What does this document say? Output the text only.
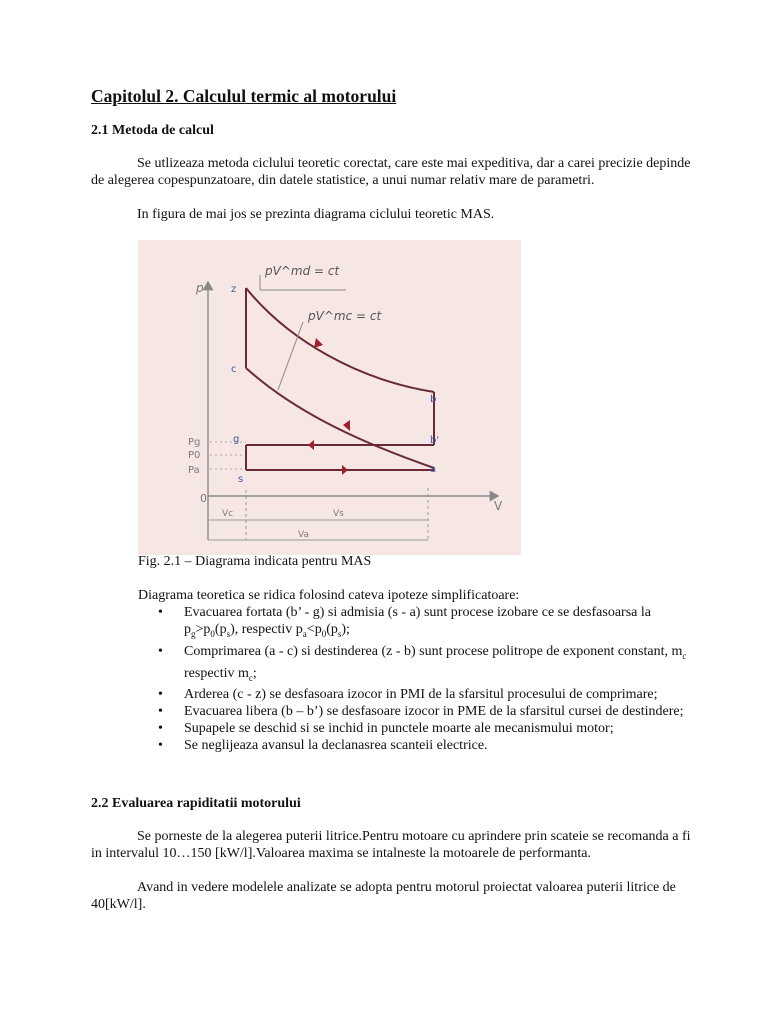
Capitolul 2. Calculul termic al motorului
2.1 Metoda de calcul

Se utlizeaza metoda ciclului teoretic corectat, care este mai expeditiva, dar a carei precizie depinde de alegerea copespunzatoare, din datele statistice, a unui numar relativ mare de parametri.

In figura de mai jos se prezinta diagrama ciclului teoretic MAS.

p
V
0
Pg
P0
Pa
Vc	Vs
Va
z
c
b
b'
g
a
s
pV^md = ct
pV^mc = ct
Fig. 2.1 – Diagrama indicata pentru MAS
Diagrama teoretica se ridica folosind cateva ipoteze simplificatoare:
• Evacuarea fortata (b’ - g) si admisia (s - a) sunt procese izobare ce se desfasoarsa la $p_g>p_0(p_s)$, respectiv $p_a<p_0(p_s)$;
• Comprimarea (a - c) si destinderea (z - b) sunt procese politrope de exponent constant, $m_c$ respectiv $m_c$;
• Arderea (c - z) se desfasoara izocor in PMI de la sfarsitul procesului de comprimare;
• Evacuarea libera (b – b’) se desfasoare izocor in PME de la sfarsitul cursei de destindere;
• Supapele se deschid si se inchid in punctele moarte ale mecanismului motor;
• Se neglijeaza avansul la declanasrea scanteii electrice.
2.2 Evaluarea rapiditatii motorului

Se porneste de la alegerea puterii litrice.Pentru motoare cu aprindere prin scateie se recomanda a fi in intervalul 10…150 [kW/l].Valoarea maxima se intalneste la motoarele de performanta.

Avand in vedere modelele analizate se adopta pentru motorul proiectat valoarea puterii litrice de 40[kW/l].
